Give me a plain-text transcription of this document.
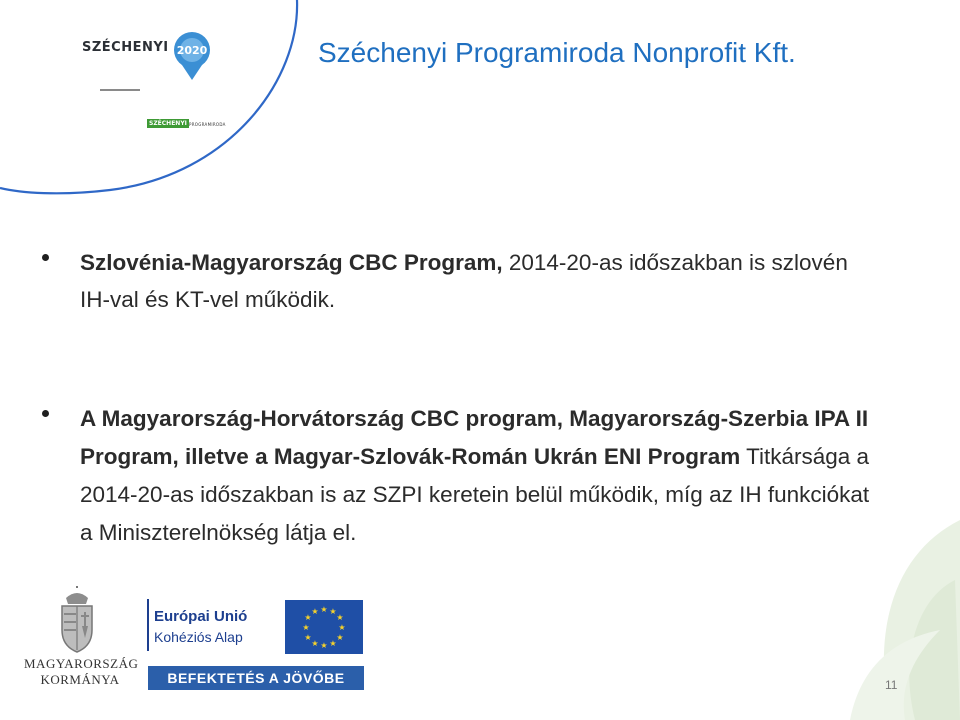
SZÉCHENYI 2020
SZÉCHENYI PROGRAMIRODA
Széchenyi Programiroda Nonprofit Kft.
Szlovénia-Magyarország CBC Program, 2014-20-as időszakban is szlovén IH-val és KT-vel működik.
A Magyarország-Horvátország CBC program, Magyarország-Szerbia IPA II Program, illetve a Magyar-Szlovák-Román Ukrán ENI Program Titkársága a 2014-20-as időszakban is az SZPI keretein belül működik, míg az IH funkciókat a Miniszterelnökség látja el.
MAGYARORSZÁG
KORMÁNYA
Európai Unió
Kohéziós Alap
★ ★
★
★
★
★
★
★
★
★
★
★
BEFEKTETÉS A JÖVŐBE	11
